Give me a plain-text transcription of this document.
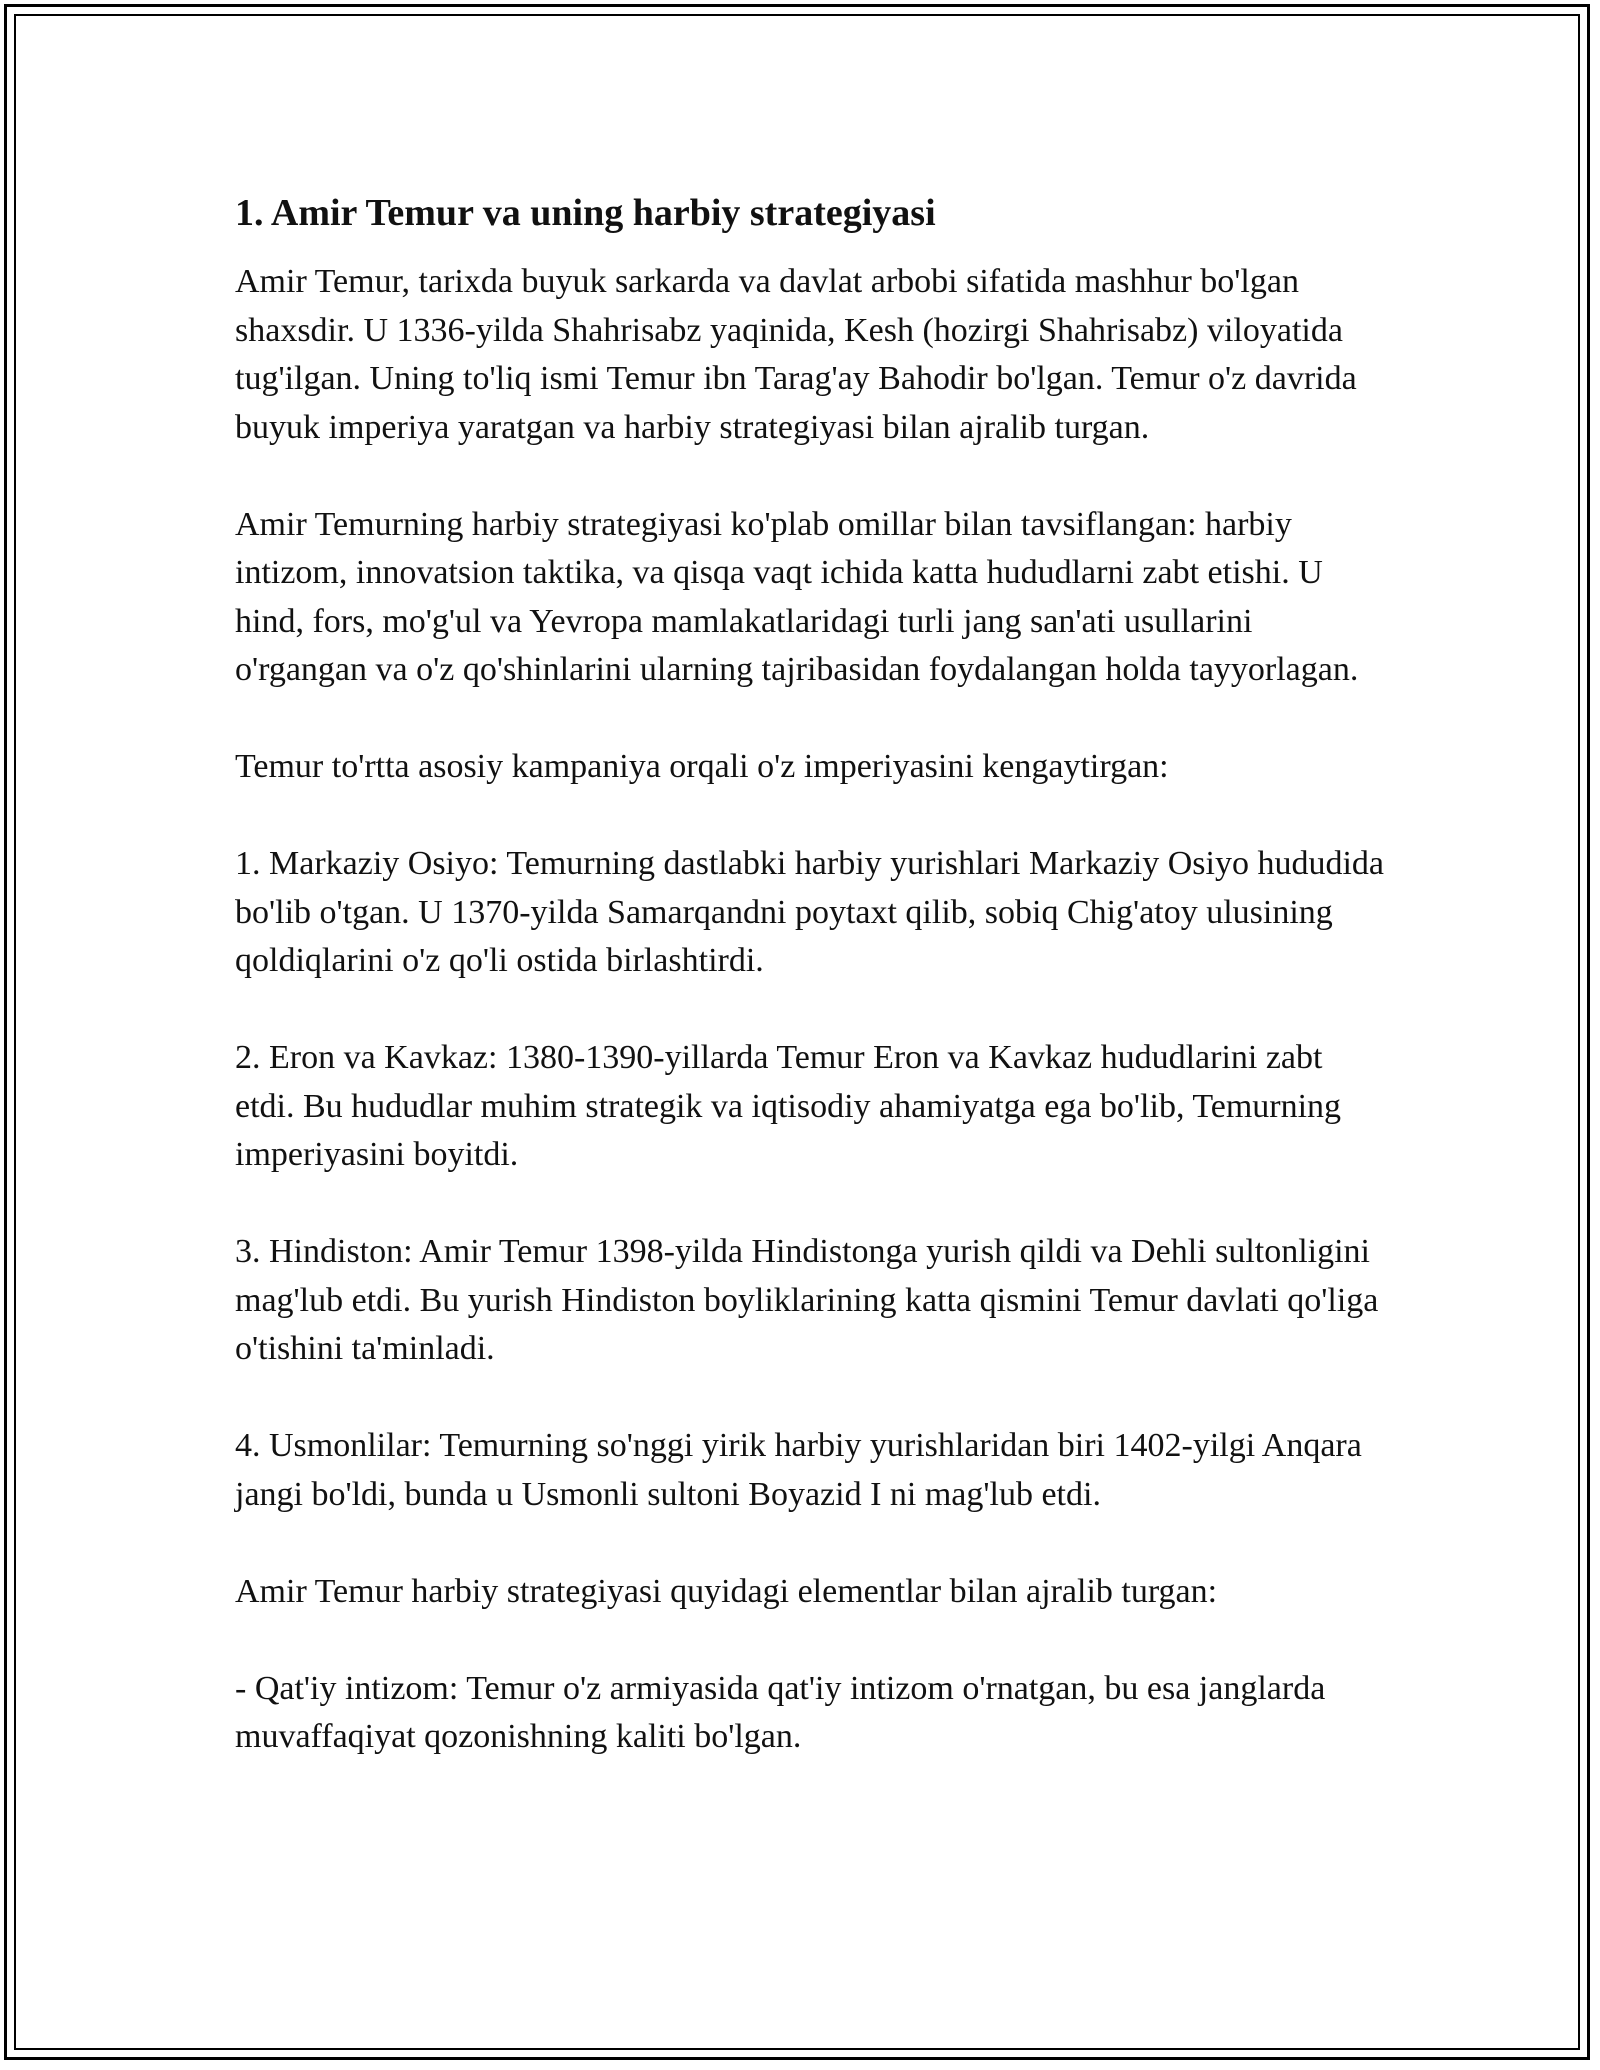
1. Amir Temur va uning harbiy strategiyasi

Amir Temur, tarixda buyuk sarkarda va davlat arbobi sifatida mashhur bo'lgan shaxsdir. U 1336-yilda Shahrisabz yaqinida, Kesh (hozirgi Shahrisabz) viloyatida tug'ilgan. Uning to'liq ismi Temur ibn Tarag'ay Bahodir bo'lgan. Temur o'z davrida buyuk imperiya yaratgan va harbiy strategiyasi bilan ajralib turgan.

Amir Temurning harbiy strategiyasi ko'plab omillar bilan tavsiflangan: harbiy intizom, innovatsion taktika, va qisqa vaqt ichida katta hududlarni zabt etishi. U hind, fors, mo'g'ul va Yevropa mamlakatlaridagi turli jang san'ati usullarini o'rgangan va o'z qo'shinlarini ularning tajribasidan foydalangan holda tayyorlagan.

Temur to'rtta asosiy kampaniya orqali o'z imperiyasini kengaytirgan:

1. Markaziy Osiyo: Temurning dastlabki harbiy yurishlari Markaziy Osiyo hududida bo'lib o'tgan. U 1370-yilda Samarqandni poytaxt qilib, sobiq Chig'atoy ulusining qoldiqlarini o'z qo'li ostida birlashtirdi.

2. Eron va Kavkaz: 1380-1390-yillarda Temur Eron va Kavkaz hududlarini zabt etdi. Bu hududlar muhim strategik va iqtisodiy ahamiyatga ega bo'lib, Temurning imperiyasini boyitdi.

3. Hindiston: Amir Temur 1398-yilda Hindistonga yurish qildi va Dehli sultonligini mag'lub etdi. Bu yurish Hindiston boyliklarining katta qismini Temur davlati qo'liga o'tishini ta'minladi.

4. Usmonlilar: Temurning so'nggi yirik harbiy yurishlaridan biri 1402-yilgi Anqara jangi bo'ldi, bunda u Usmonli sultoni Boyazid I ni mag'lub etdi.

Amir Temur harbiy strategiyasi quyidagi elementlar bilan ajralib turgan:

- Qat'iy intizom: Temur o'z armiyasida qat'iy intizom o'rnatgan, bu esa janglarda muvaffaqiyat qozonishning kaliti bo'lgan.
